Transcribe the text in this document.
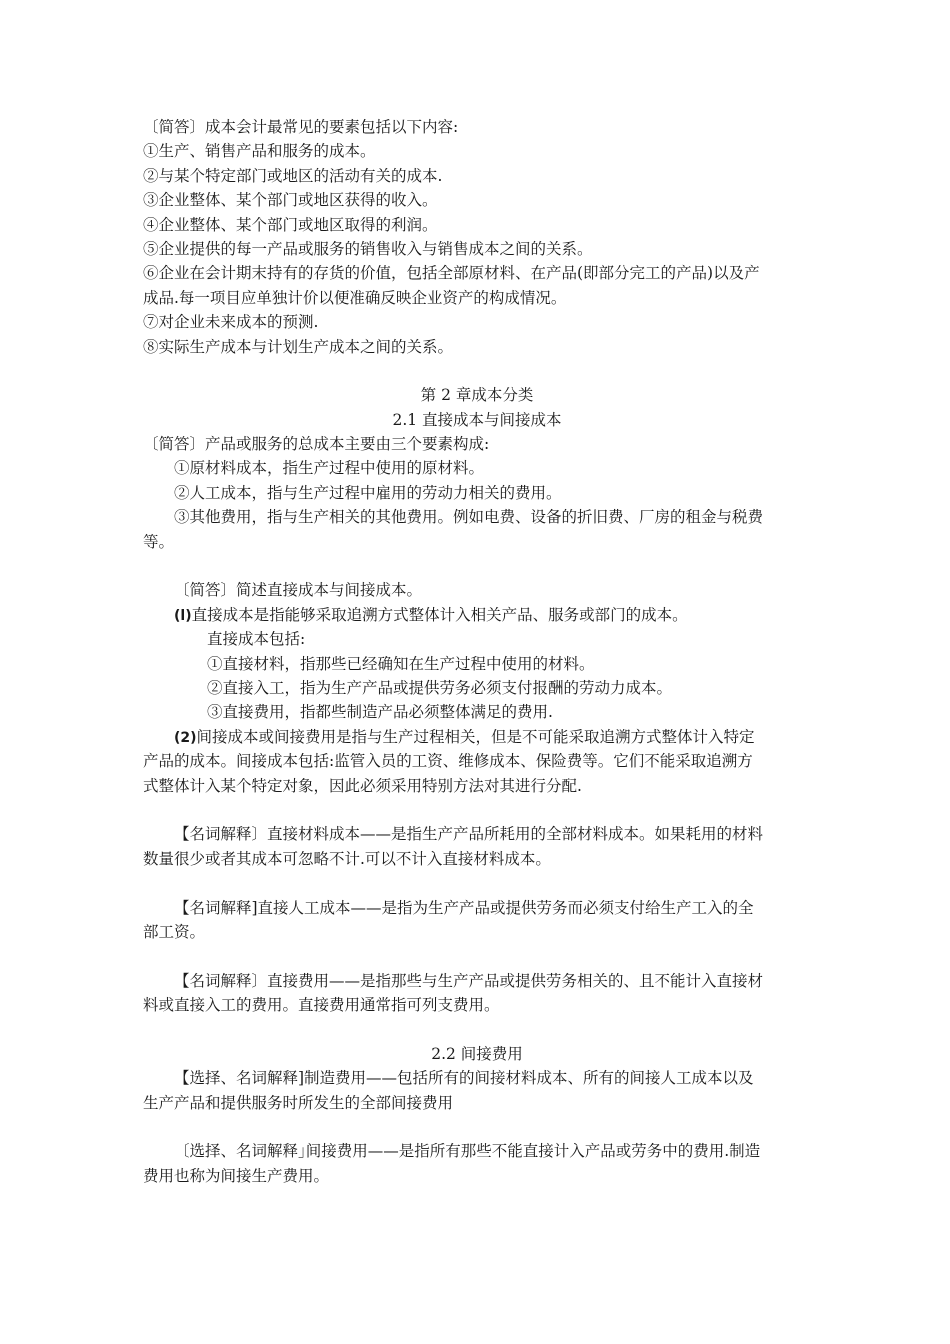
〔简答〕成本会计最常见的要素包括以下内容:
①生产、销售产品和服务的成本。
②与某个特定部门或地区的活动有关的成本.
③企业整体、某个部门或地区获得的收入。
④企业整体、某个部门或地区取得的利润。
⑤企业提供的每一产品或服务的销售收入与销售成本之间的关系。
⑥企业在会计期末持有的存货的价值，包括全部原材料、在产品(即部分完工的产品)以及产
成品.每一项目应单独计价以便准确反映企业资产的构成情况。
⑦对企业未来成本的预测.
⑧实际生产成本与计划生产成本之间的关系。
第 2 章成本分类
2.1 直接成本与间接成本
〔简答〕产品或服务的总成本主要由三个要素构成:
①原材料成本，指生产过程中使用的原材料。
②人工成本，指与生产过程中雇用的劳动力相关的费用。
③其他费用，指与生产相关的其他费用。例如电费、设备的折旧费、厂房的租金与税费
等。
〔简答〕简述直接成本与间接成本。
(l)直接成本是指能够采取追溯方式整体计入相关产品、服务或部门的成本。
直接成本包括:
①直接材料，指那些已经确知在生产过程中使用的材料。
②直接入工，指为生产产品或提供劳务必须支付报酬的劳动力成本。
③直接费用，指都些制造产品必须整体满足的费用.
(2)间接成本或间接费用是指与生产过程相关，但是不可能采取追溯方式整体计入特定
产品的成本。间接成本包括:监管入员的工资、维修成本、保险费等。它们不能采取追溯方
式整体计入某个特定对象，因此必须采用特别方法对其进行分配.
【名词解释〕直接材料成本——是指生产产品所耗用的全部材料成本。如果耗用的材料
数量很少或者其成本可忽略不计.可以不计入直接材料成本。
【名词解释]直接人工成本——是指为生产产品或提供劳务而必须支付给生产工入的全
部工资。
【名词解释〕直接费用——是指那些与生产产品或提供劳务相关的、且不能计入直接材
料或直接入工的费用。直接费用通常指可列支费用。
2.2 间接费用
【选择、名词解释]制造费用——包括所有的间接材料成本、所有的间接人工成本以及
生产产品和提供服务时所发生的全部间接费用
〔选择、名词解释｣间接费用——是指所有那些不能直接计入产品或劳务中的费用.制造
费用也称为间接生产费用。
